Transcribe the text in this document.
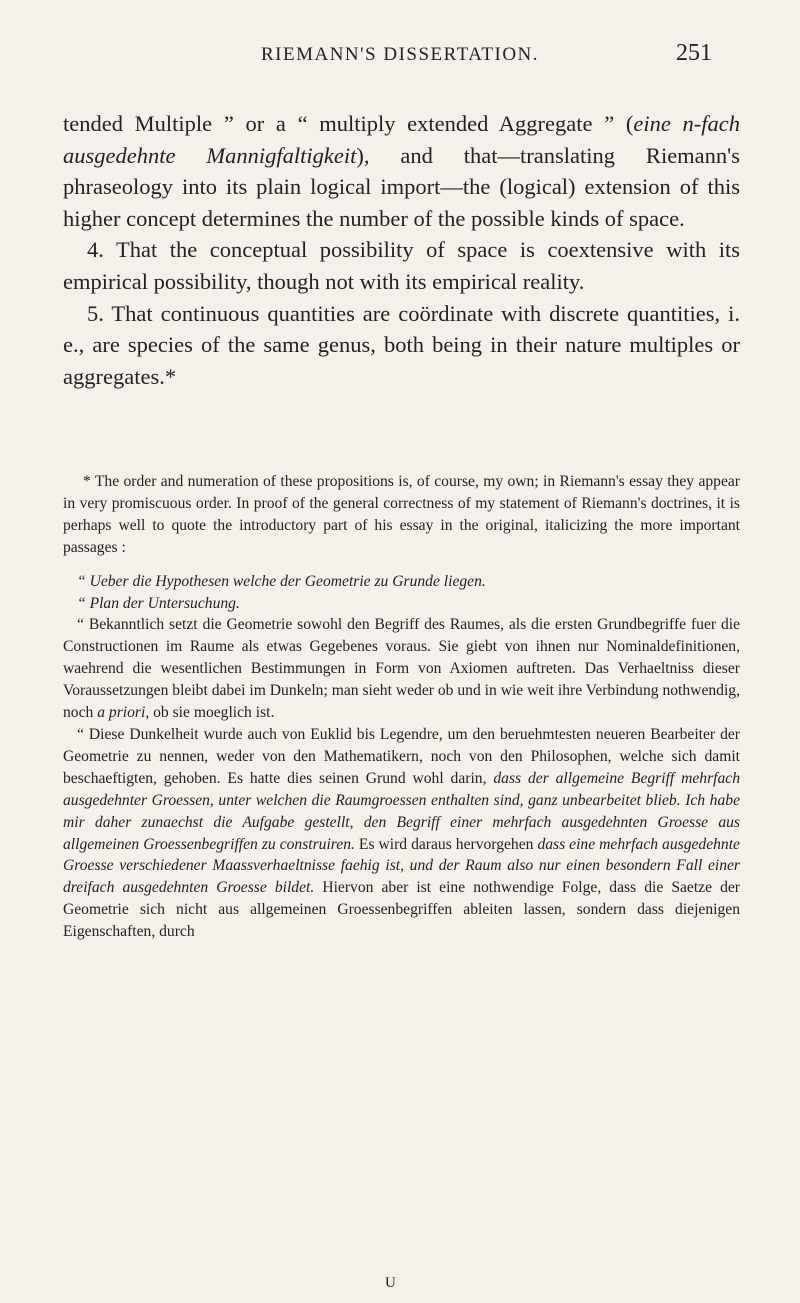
RIEMANN'S DISSERTATION.	251

tended Multiple ” or a “ multiply extended Aggregate ” (eine n-fach ausgedehnte Mannigfaltigkeit), and that—translating Riemann's phraseology into its plain logical import—the (logical) extension of this higher concept determines the number of the possible kinds of space.

4. That the conceptual possibility of space is coextensive with its empirical possibility, though not with its empirical reality.

5. That continuous quantities are coördinate with discrete quantities, i. e., are species of the same genus, both being in their nature multiples or aggregates.*

* The order and numeration of these propositions is, of course, my own; in Riemann's essay they appear in very promiscuous order. In proof of the general correctness of my statement of Riemann's doctrines, it is perhaps well to quote the introductory part of his essay in the original, italicizing the more important passages :

“ Ueber die Hypothesen welche der Geometrie zu Grunde liegen.

“ Plan der Untersuchung.

“ Bekanntlich setzt die Geometrie sowohl den Begriff des Raumes, als die ersten Grundbegriffe fuer die Constructionen im Raume als etwas Gegebenes voraus. Sie giebt von ihnen nur Nominaldefinitionen, waehrend die wesentlichen Bestimmungen in Form von Axiomen auftreten. Das Verhaeltniss dieser Voraussetzungen bleibt dabei im Dunkeln; man sieht weder ob und in wie weit ihre Verbindung nothwendig, noch a priori, ob sie moeglich ist.

“ Diese Dunkelheit wurde auch von Euklid bis Legendre, um den beruehmtesten neueren Bearbeiter der Geometrie zu nennen, weder von den Mathematikern, noch von den Philosophen, welche sich damit beschaeftigten, gehoben. Es hatte dies seinen Grund wohl darin, dass der allgemeine Begriff mehrfach ausgedehnter Groessen, unter welchen die Raumgroessen enthalten sind, ganz unbearbeitet blieb. Ich habe mir daher zunaechst die Aufgabe gestellt, den Begriff einer mehrfach ausgedehnten Groesse aus allgemeinen Groessenbegriffen zu construiren. Es wird daraus hervorgehen dass eine mehrfach ausgedehnte Groesse verschiedener Maassverhaeltnisse faehig ist, und der Raum also nur einen besondern Fall einer dreifach ausgedehnten Groesse bildet. Hiervon aber ist eine nothwendige Folge, dass die Saetze der Geometrie sich nicht aus allgemeinen Groessenbegriffen ableiten lassen, sondern dass diejenigen Eigenschaften, durch

U
